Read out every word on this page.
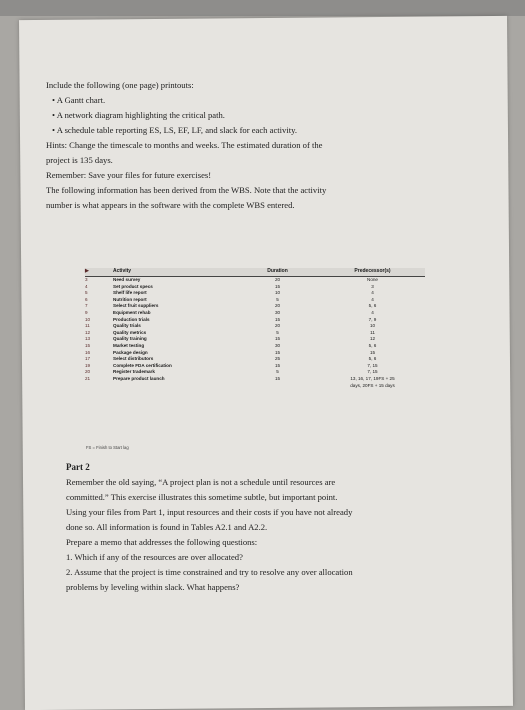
Include the following (one page) printouts:

• A Gantt chart.

• A network diagram highlighting the critical path.

• A schedule table reporting ES, LS, EF, LF, and slack for each activity.

Hints: Change the timescale to months and weeks. The estimated duration of the

project is 135 days.

Remember: Save your files for future exercises!

The following information has been derived from the WBS. Note that the activity

number is what appears in the software with the complete WBS entered.

▶	Activity	Duration	Predecessor(s)
3	Need survey	20	None
4	Set product specs	15	3
5	Shelf life report	10	4
6	Nutrition report	5	4
7	Select fruit suppliers	20	5, 6
9	Equipment rehab	30	4
10	Production trials	15	7, 9
11	Quality trials	20	10
12	Quality metrics	5	11
13	Quality training	15	12
15	Market testing	30	5, 6
16	Package design	15	15
17	Select distributors	25	5, 6
19	Complete FDA certification	15	7, 15
20	Register trademark	5	7, 15
21	Prepare product launch	15	13, 16, 17, 19FS + 25
days, 20FS + 15 days
FS = Finish to Start lag

Part 2

Remember the old saying, “A project plan is not a schedule until resources are

committed.” This exercise illustrates this sometime subtle, but important point.

Using your files from Part 1, input resources and their costs if you have not already

done so. All information is found in Tables A2.1 and A2.2.

Prepare a memo that addresses the following questions:

1. Which if any of the resources are over allocated?

2. Assume that the project is time constrained and try to resolve any over allocation

problems by leveling within slack. What happens?
